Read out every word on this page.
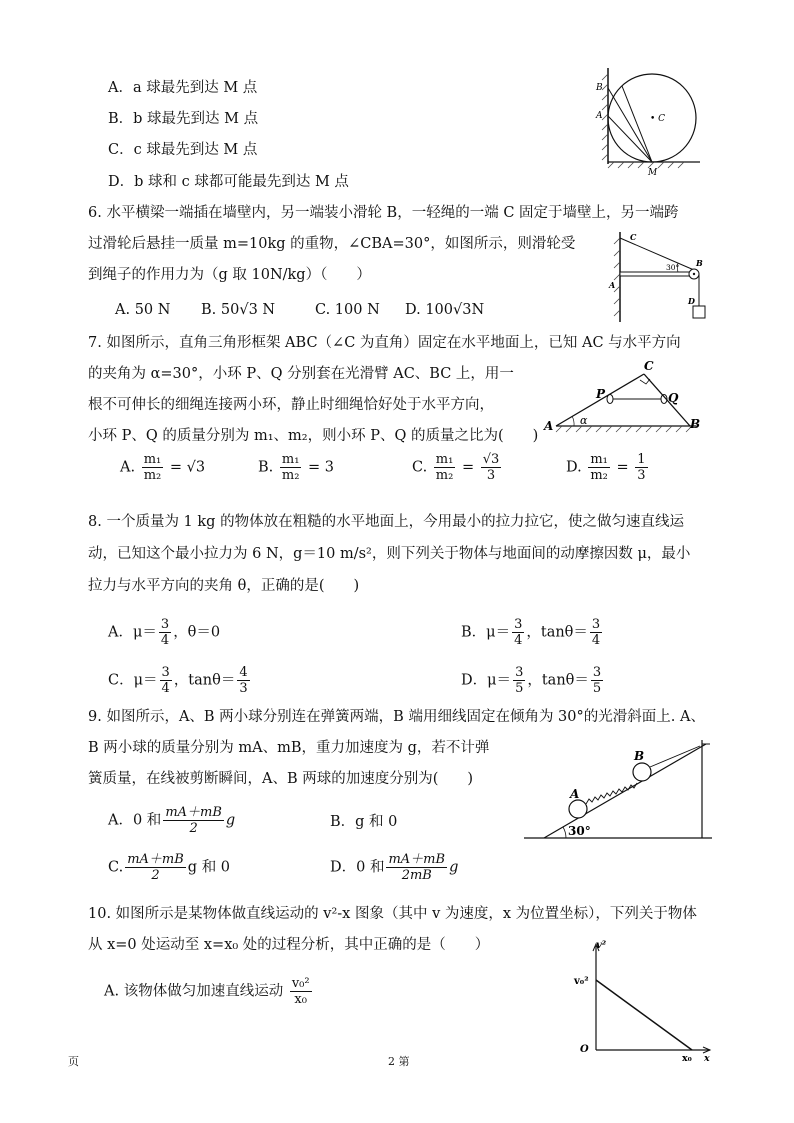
A．a 球最先到达 M 点
B．b 球最先到达 M 点
C．c 球最先到达 M 点
D．b 球和 c 球都可能最先到达 M 点
B
A	• C
M
6. 水平横梁一端插在墙壁内，另一端装小滑轮 B，一轻绳的一端 C 固定于墙壁上，另一端跨
过滑轮后悬挂一质量 m=10kg 的重物，∠CBA=30°，如图所示，则滑轮受
到绳子的作用力为（g 取 10N/kg）（　　）
A. 50 N B. 50√3 N	C. 100 N D. 100√3N
C
30° B
A
D
7. 如图所示，直角三角形框架 ABC（∠C 为直角）固定在水平地面上，已知 AC 与水平方向
的夹角为 α=30°，小环 P、Q 分别套在光滑臂 AC、BC 上，用一
根不可伸长的细绳连接两小环，静止时细绳恰好处于水平方向，
小环 P、Q 的质量分别为 m₁、m₂，则小环 P、Q 的质量之比为(　　)
A. $\frac{\text{m₁}}{\text{m₂}} = √3$	B. $\frac{\text{m₁}}{\text{m₂}} = 3$	C. $\frac{\text{m₁}}{\text{m₂}} = \frac{√3}{3}$	D. $\frac{\text{m₁}}{\text{m₂}} = \frac{1}{3}$
C
P	Q
A	B
α
8. 一个质量为 1 kg 的物体放在粗糙的水平地面上，今用最小的拉力拉它，使之做匀速直线运
动，已知这个最小拉力为 6 N，g＝10 m/s²，则下列关于物体与地面间的动摩擦因数 μ，最小
拉力与水平方向的夹角 θ，正确的是(　　)
A．$\mu= \frac{3}{4}$ ，θ＝0	B．$\mu= \frac{3}{4}$ ，$\tan\theta= \frac{3}{4}$
C．$\mu= \frac{3}{4}$ ，$\tan\theta= \frac{4}{3}$	D．$\mu= \frac{3}{5}$ ，$\tan\theta= \frac{3}{5}$
9. 如图所示，A、B 两小球分别连在弹簧两端，B 端用细线固定在倾角为 30°的光滑斜面上. A、
B 两小球的质量分别为 mA、mB，重力加速度为 g，若不计弹
簧质量，在线被剪断瞬间，A、B 两球的加速度分别为(　　)
A．0 和 $\frac{mA+mB}{2}$ g	B．g 和 0
C. $\frac{mA+mB}{2}$ g 和 0	D．0 和 $\frac{mA+mB}{2mB}$ g
A
B
30°
10. 如图所示是某物体做直线运动的 v²-x 图象（其中 v 为速度，x 为位置坐标），下列关于物体
从 x=0 处运动至 x=x₀ 处的过程分析，其中正确的是（　　）
A. 该物体做匀加速直线运动 $\frac{\text{v₀²}}{\text{x₀}}$
v²
v₀²
O
x₀ x
页	2 第
